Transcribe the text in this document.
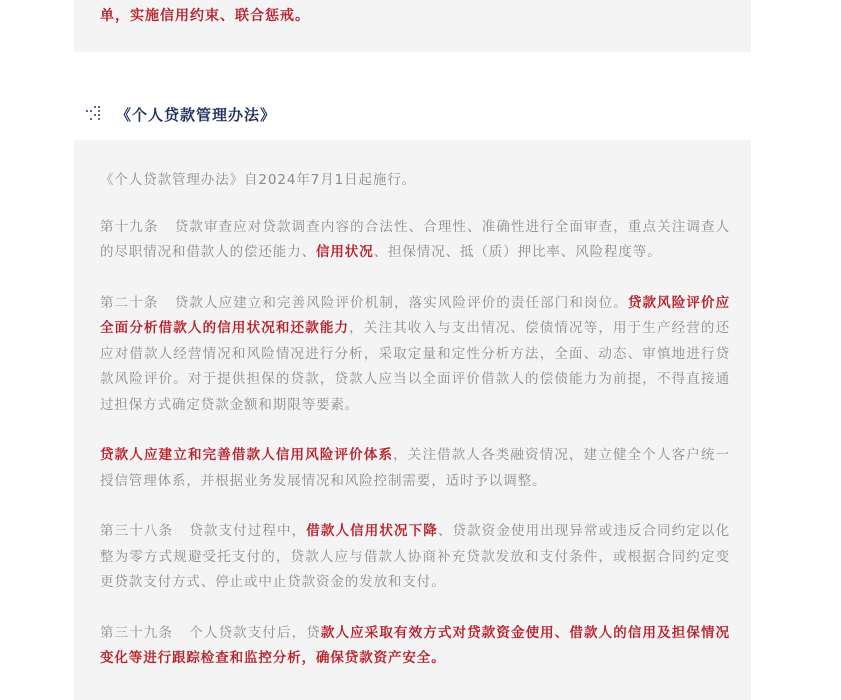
单，实施信用约束、联合惩戒。
《个人贷款管理办法》

《个人贷款管理办法》自2024年7月1日起施行。

第十九条 贷款审查应对贷款调查内容的合法性、合理性、准确性进行全面审查，重点关注调查人的尽职情况和借款人的偿还能力、信用状况、担保情况、抵（质）押比率、风险程度等。

第二十条 贷款人应建立和完善风险评价机制，落实风险评价的责任部门和岗位。贷款风险评价应全面分析借款人的信用状况和还款能力，关注其收入与支出情况、偿债情况等，用于生产经营的还应对借款人经营情况和风险情况进行分析，采取定量和定性分析方法，全面、动态、审慎地进行贷款风险评价。对于提供担保的贷款，贷款人应当以全面评价借款人的偿债能力为前提，不得直接通过担保方式确定贷款金额和期限等要素。

贷款人应建立和完善借款人信用风险评价体系，关注借款人各类融资情况，建立健全个人客户统一授信管理体系，并根据业务发展情况和风险控制需要，适时予以调整。

第三十八条 贷款支付过程中，借款人信用状况下降、贷款资金使用出现异常或违反合同约定以化整为零方式规避受托支付的，贷款人应与借款人协商补充贷款发放和支付条件，或根据合同约定变更贷款支付方式、停止或中止贷款资金的发放和支付。

第三十九条 个人贷款支付后，贷款人应采取有效方式对贷款资金使用、借款人的信用及担保情况变化等进行跟踪检查和监控分析，确保贷款资产安全。
